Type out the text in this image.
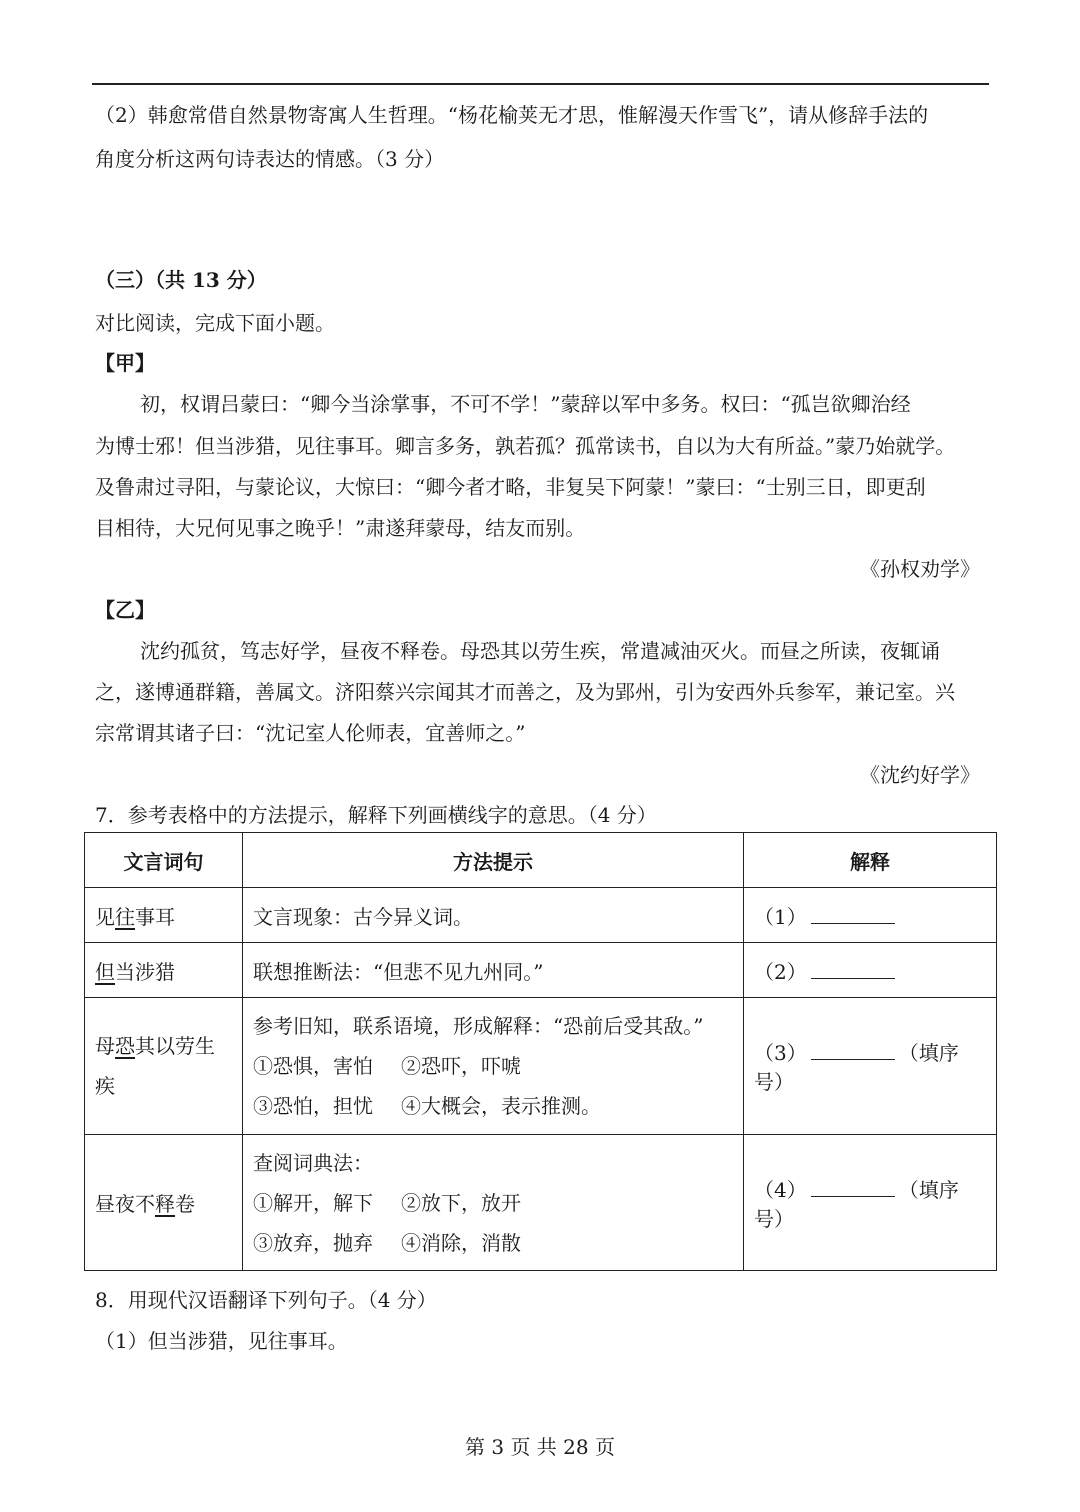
（2）韩愈常借自然景物寄寓人生哲理。“杨花榆荚无才思，惟解漫天作雪飞”，请从修辞手法的
角度分析这两句诗表达的情感。（3 分）
（三）（共 13 分）
对比阅读，完成下面小题。
【甲】
初，权谓吕蒙曰：“卿今当涂掌事，不可不学！”蒙辞以军中多务。权曰：“孤岂欲卿治经
为博士邪！但当涉猎，见往事耳。卿言多务，孰若孤？孤常读书，自以为大有所益。”蒙乃始就学。
及鲁肃过寻阳，与蒙论议，大惊曰：“卿今者才略，非复吴下阿蒙！”蒙曰：“士别三日，即更刮
目相待，大兄何见事之晚乎！”肃遂拜蒙母，结友而别。
《孙权劝学》
【乙】
沈约孤贫，笃志好学，昼夜不释卷。母恐其以劳生疾，常遣减油灭火。而昼之所读，夜辄诵
之，遂博通群籍，善属文。济阳蔡兴宗闻其才而善之，及为郢州，引为安西外兵参军，兼记室。兴
宗常谓其诸子曰：“沈记室人伦师表，宜善师之。”
《沈约好学》
7．参考表格中的方法提示，解释下列画横线字的意思。（4 分）
文言词句	方法提示	解释
见往事耳	文言现象：古今异义词。	（1）
但当涉猎	联想推断法：“但悲不见九州同。”	（2）
母恐其以劳生疾	参考旧知，联系语境，形成解释：“恐前后受其敌。”
①恐惧，害怕 ②恐吓，吓唬
③恐怕，担忧 ④大概会，表示推测。	（3） （填序号）
昼夜不释卷	查阅词典法：
①解开，解下 ②放下，放开
③放弃，抛弃 ④消除，消散	（4） （填序号）
8．用现代汉语翻译下列句子。（4 分）
（1）但当涉猎，见往事耳。
第 3 页 共 28 页
